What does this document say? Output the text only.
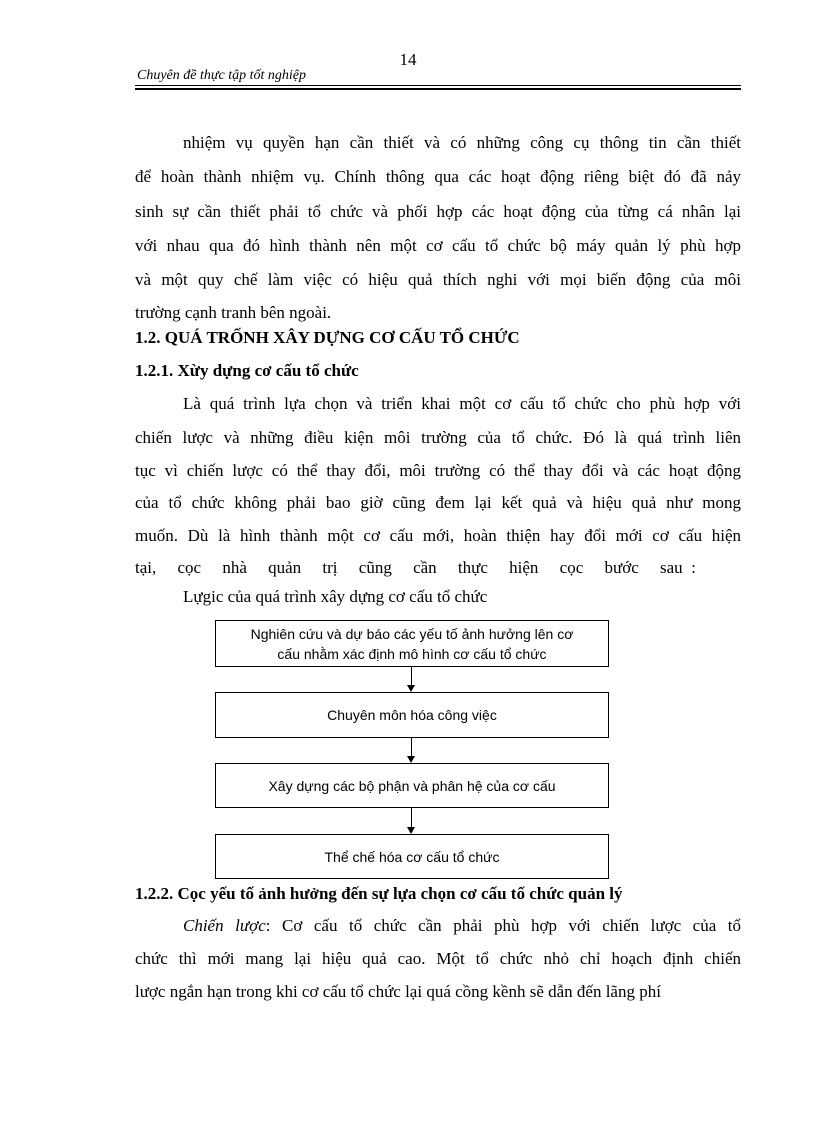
14
Chuyên đề thực tập tốt nghiệp
nhiệm vụ quyền hạn cần thiết và có những công cụ thông tin cần thiết
để hoàn thành nhiệm vụ. Chính thông qua các hoạt động riêng biệt đó đã nảy
sinh sự cần thiết phải tổ chức và phối hợp các hoạt động của từng cá nhân lại
với nhau qua đó hình thành nên một cơ cấu tổ chức bộ máy quản lý phù hợp
và một quy chế làm việc có hiệu quả thích nghi với mọi biến động của môi
trường cạnh tranh bên ngoài.
1.2. QUÁ TRỐNH XÂY DỰNG CƠ CẤU TỔ CHỨC
1.2.1. Xừy dựng cơ cấu tổ chức
Là quá trình lựa chọn và triển khai một cơ cấu tổ chức cho phù hợp với
chiến lược và những điều kiện môi trường của tổ chức. Đó là quá trình liên
tục vì chiến lược có thể thay đổi, môi trường có thể thay đổi và các hoạt động
của tổ chức không phải bao giờ cũng đem lại kết quả và hiệu quả như mong
muốn. Dù là hình thành một cơ cấu mới, hoàn thiện hay đổi mới cơ cấu hiện
tại,     cọc     nhà     quản     trị     cũng     cần     thực     hiện     cọc     bước     sau  :
Lựgic của quá trình xây dựng cơ cấu tổ chức
Nghiên cứu và dự báo các yếu tố ảnh hưởng lên cơ
cấu nhằm xác định mô hình cơ cấu tổ chức
Chuyên môn hóa công việc
Xây dựng các bộ phận và phân hệ của cơ cấu
Thể chế hóa cơ cấu tổ chức
1.2.2. Cọc yếu tố ảnh hưởng đến sự lựa chọn cơ cấu tổ chức quản lý
Chiến lược: Cơ cấu tổ chức cần phải phù hợp với chiến lược của tổ
chức thì mới mang lại hiệu quả cao. Một tổ chức nhỏ chỉ hoạch định chiến
lược ngắn hạn trong khi cơ cấu tổ chức lại quá cồng kềnh sẽ dẫn đến lãng phí
